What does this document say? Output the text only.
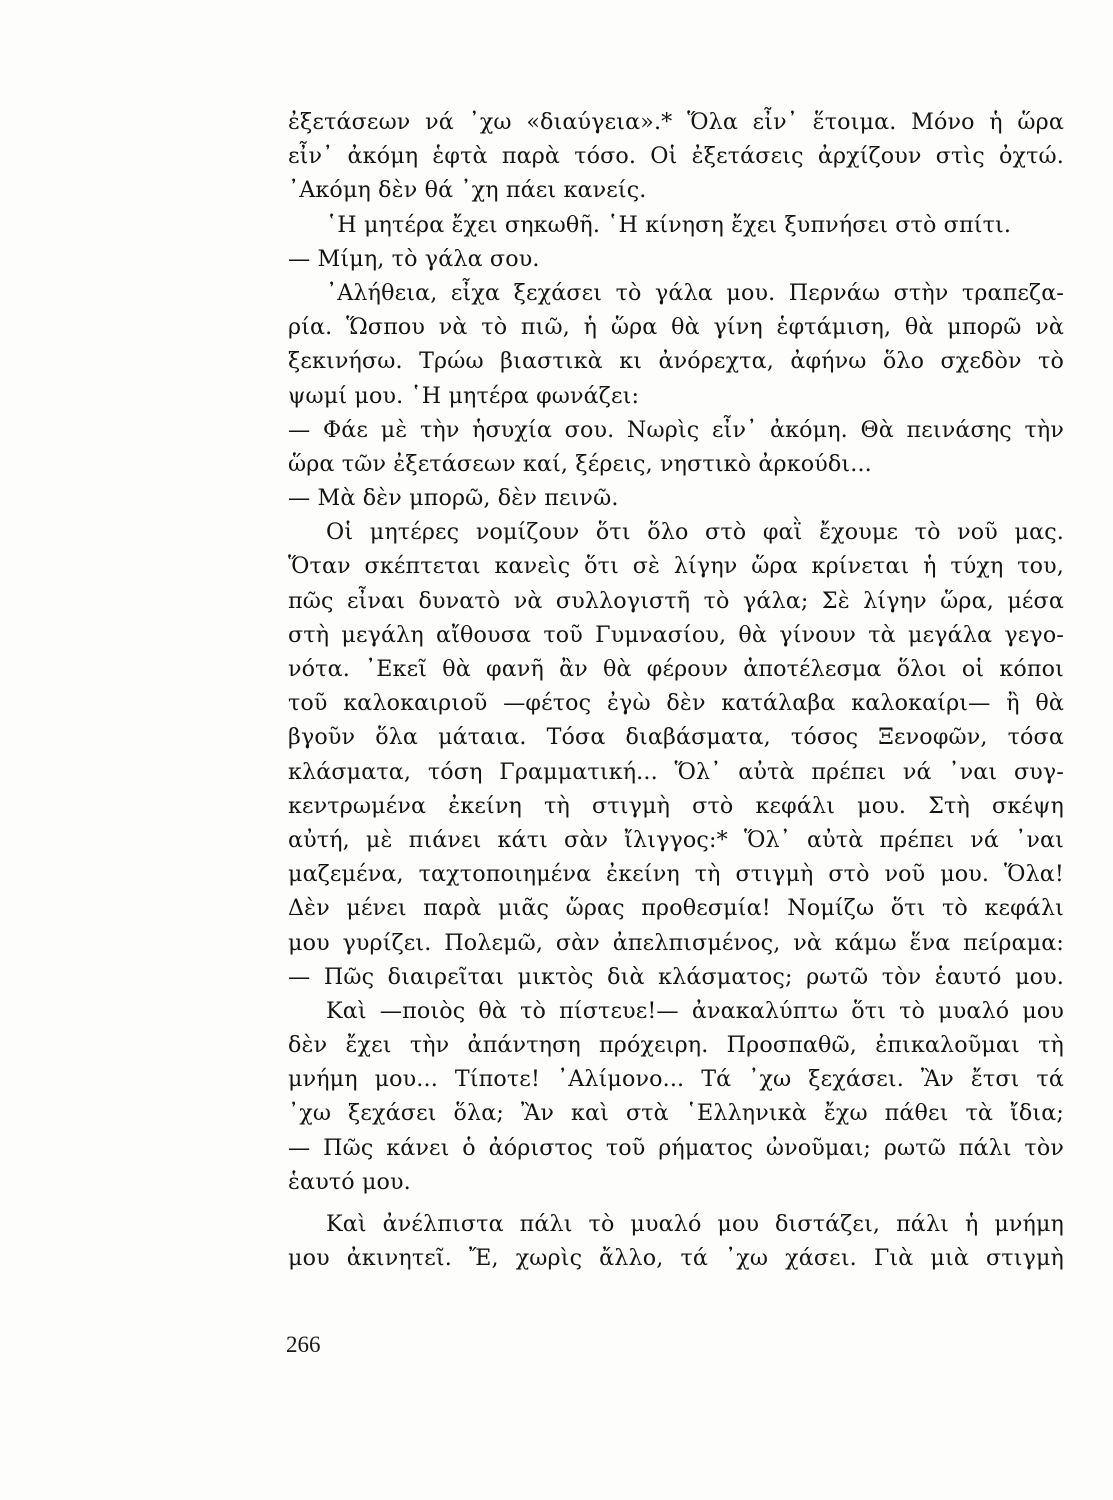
ἐξετάσεων νά ᾿χω «διαύγεια».* Ὅλα εἶν᾿ ἕτοιμα. Μόνο ἡ ὥρα
εἶν᾿ ἀκόμη ἑφτὰ παρὰ τόσο. Οἱ ἐξετάσεις ἀρχίζουν στὶς ὀχτώ.
᾿Ακόμη δὲν θά ᾿χη πάει κανείς.
῾Η μητέρα ἔχει σηκωθῆ. ῾Η κίνηση ἔχει ξυπνήσει στὸ σπίτι.
— Μίμη, τὸ γάλα σου.
᾿Αλήθεια, εἶχα ξεχάσει τὸ γάλα μου. Περνάω στὴν τραπεζα-
ρία. Ὥσπου νὰ τὸ πιῶ, ἡ ὥρα θὰ γίνη ἑφτάμιση, θὰ μπορῶ νὰ
ξεκινήσω. Τρώω βιαστικὰ κι ἀνόρεχτα, ἀφήνω ὅλο σχεδὸν τὸ
ψωμί μου. ῾Η μητέρα φωνάζει:
— Φάε μὲ τὴν ἡσυχία σου. Νωρὶς εἶν᾿ ἀκόμη. Θὰ πεινάσης τὴν
ὥρα τῶν ἐξετάσεων καί, ξέρεις, νηστικὸ ἀρκούδι...
— Μὰ δὲν μπορῶ, δὲν πεινῶ.
Οἱ μητέρες νομίζουν ὅτι ὅλο στὸ φαῒ ἔχουμε τὸ νοῦ μας.
Ὅταν σκέπτεται κανεὶς ὅτι σὲ λίγην ὥρα κρίνεται ἡ τύχη του,
πῶς εἶναι δυνατὸ νὰ συλλογιστῆ τὸ γάλα; Σὲ λίγην ὥρα, μέσα
στὴ μεγάλη αἴθουσα τοῦ Γυμνασίου, θὰ γίνουν τὰ μεγάλα γεγο-
νότα. ᾿Εκεῖ θὰ φανῆ ἂν θὰ φέρουν ἀποτέλεσμα ὅλοι οἱ κόποι
τοῦ καλοκαιριοῦ —φέτος ἐγὼ δὲν κατάλαβα καλοκαίρι— ἢ θὰ
βγοῦν ὅλα μάταια. Τόσα διαβάσματα, τόσος Ξενοφῶν, τόσα
κλάσματα, τόση Γραμματική... Ὅλ᾿ αὐτὰ πρέπει νά ᾿ναι συγ-
κεντρωμένα ἐκείνη τὴ στιγμὴ στὸ κεφάλι μου. Στὴ σκέψη
αὐτή, μὲ πιάνει κάτι σὰν ἴλιγγος:* Ὅλ᾿ αὐτὰ πρέπει νά ᾿ναι
μαζεμένα, ταχτοποιημένα ἐκείνη τὴ στιγμὴ στὸ νοῦ μου. Ὅλα!
Δὲν μένει παρὰ μιᾶς ὥρας προθεσμία! Νομίζω ὅτι τὸ κεφάλι
μου γυρίζει. Πολεμῶ, σὰν ἀπελπισμένος, νὰ κάμω ἕνα πείραμα:
— Πῶς διαιρεῖται μικτὸς διὰ κλάσματος; ρωτῶ τὸν ἑαυτό μου.
Καὶ —ποιὸς θὰ τὸ πίστευε!— ἀνακαλύπτω ὅτι τὸ μυαλό μου
δὲν ἔχει τὴν ἀπάντηση πρόχειρη. Προσπαθῶ, ἐπικαλοῦμαι τὴ
μνήμη μου... Τίποτε! ᾿Αλίμονο... Τά ᾿χω ξεχάσει. Ἂν ἔτσι τά
᾿χω ξεχάσει ὅλα; Ἂν καὶ στὰ ῾Ελληνικὰ ἔχω πάθει τὰ ἴδια;
— Πῶς κάνει ὁ ἀόριστος τοῦ ρήματος ὠνοῦμαι; ρωτῶ πάλι τὸν
ἑαυτό μου.
Καὶ ἀνέλπιστα πάλι τὸ μυαλό μου διστάζει, πάλι ἡ μνήμη
μου ἀκινητεῖ. Ἔ, χωρὶς ἄλλο, τά ᾿χω χάσει. Γιὰ μιὰ στιγμὴ
266
